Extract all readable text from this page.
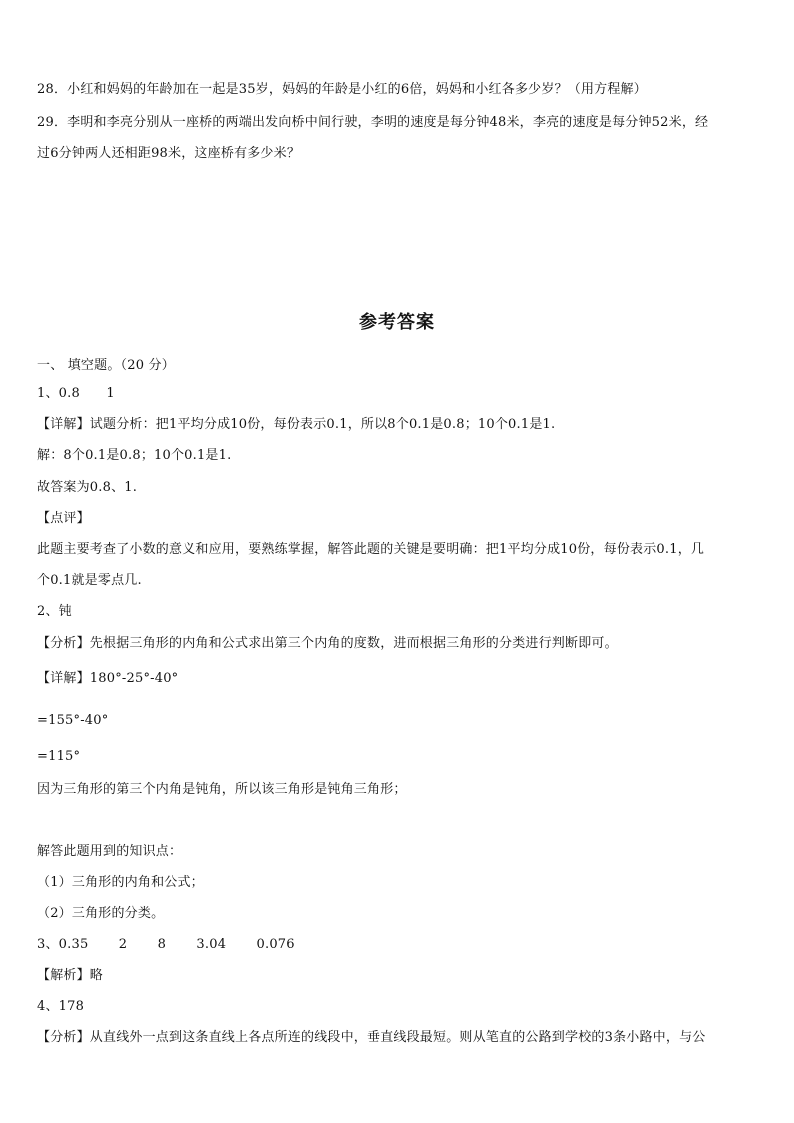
28．小红和妈妈的年龄加在一起是35岁，妈妈的年龄是小红的6倍，妈妈和小红各多少岁？（用方程解）
29．李明和李亮分别从一座桥的两端出发向桥中间行驶，李明的速度是每分钟48米，李亮的速度是每分钟52米，经
过6分钟两人还相距98米，这座桥有多少米？
参考答案
一、 填空题。（20 分）
1、0.8　　1
【详解】试题分析：把1平均分成10份，每份表示0.1，所以8个0.1是0.8；10个0.1是1.
解：8个0.1是0.8；10个0.1是1.
故答案为0.8、1.
【点评】
此题主要考查了小数的意义和应用，要熟练掌握，解答此题的关键是要明确：把1平均分成10份，每份表示0.1，几
个0.1就是零点几.
2、钝
【分析】先根据三角形的内角和公式求出第三个内角的度数，进而根据三角形的分类进行判断即可。
【详解】180°-25°-40°
=155°-40°
=115°
因为三角形的第三个内角是钝角，所以该三角形是钝角三角形；
解答此题用到的知识点：
（1）三角形的内角和公式；
（2）三角形的分类。
3、0.35 2 8 3.04 0.076
【解析】略
4、178
【分析】从直线外一点到这条直线上各点所连的线段中，垂直线段最短。则从笔直的公路到学校的3条小路中，与公
